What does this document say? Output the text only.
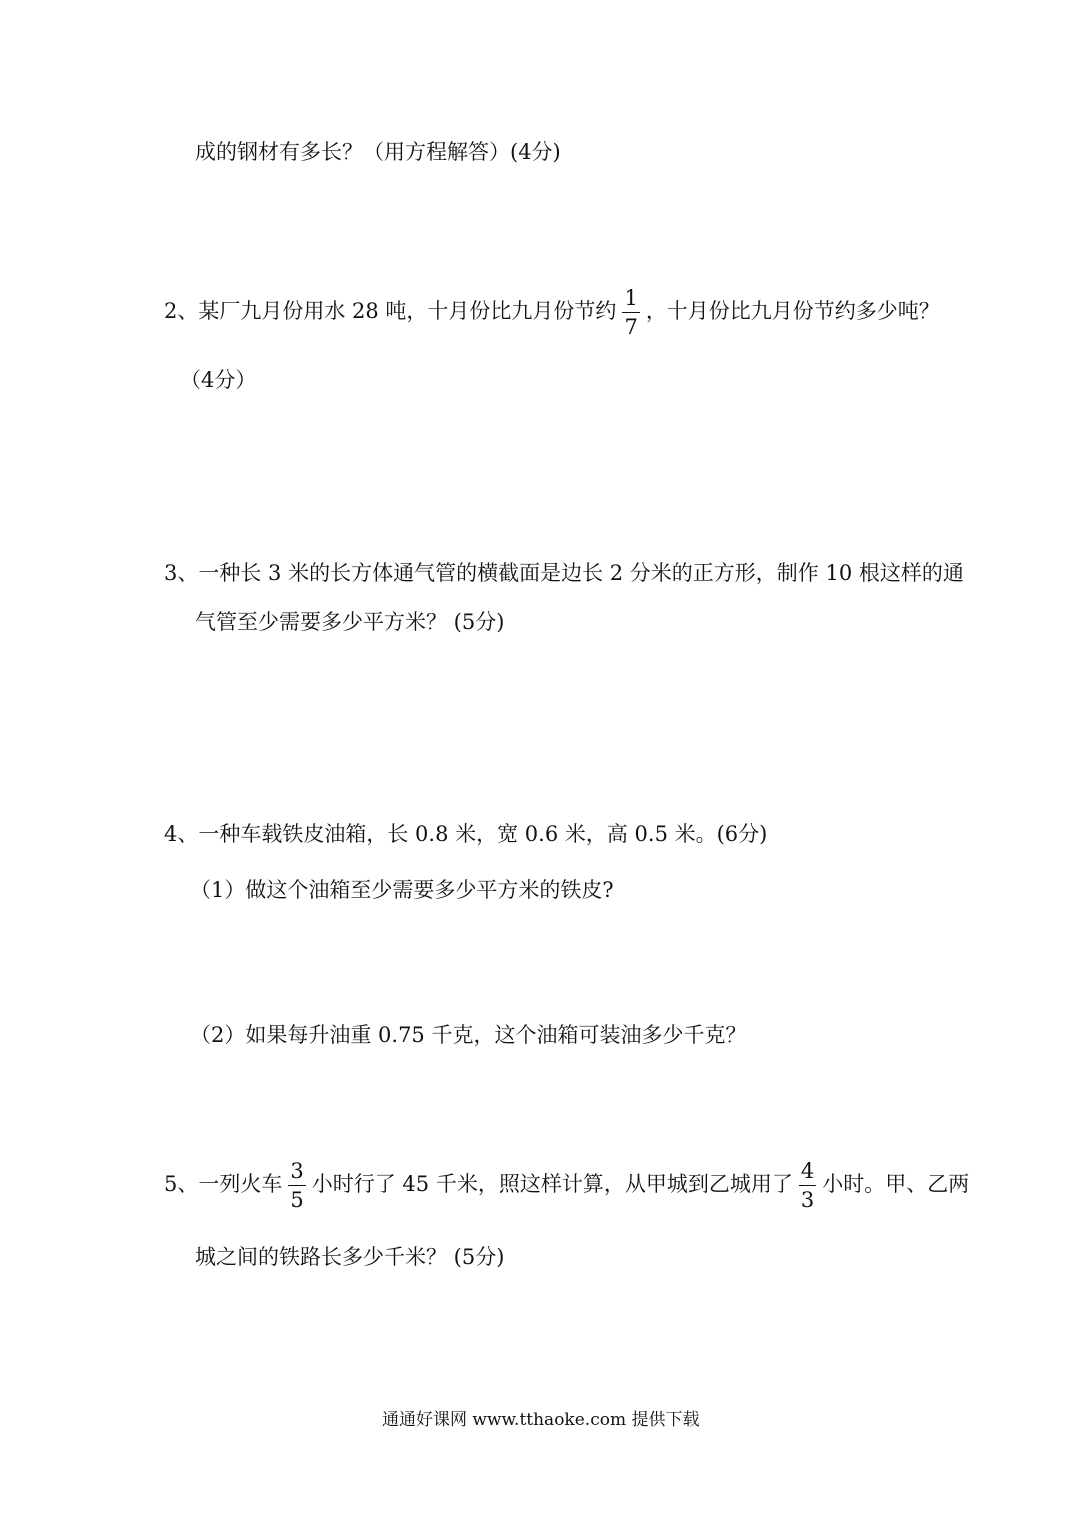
成的钢材有多长？（用方程解答）(4分)
2、某厂九月份用水 28 吨，十月份比九月份节约 $\frac{1}{7}$ ，十月份比九月份节约多少吨？
（4分）
3、一种长 3 米的长方体通气管的横截面是边长 2 分米的正方形，制作 10 根这样的通
气管至少需要多少平方米？ (5分)
4、一种车载铁皮油箱，长 0.8 米，宽 0.6 米，高 0.5 米。(6分)
（1）做这个油箱至少需要多少平方米的铁皮?
（2）如果每升油重 0.75 千克，这个油箱可装油多少千克？
5、一列火车 $\frac{3}{5}$ 小时行了 45 千米，照这样计算，从甲城到乙城用了 $\frac{4}{3}$ 小时。甲、乙两
城之间的铁路长多少千米？ (5分)
通通好课网 www.tthaoke.com 提供下载
